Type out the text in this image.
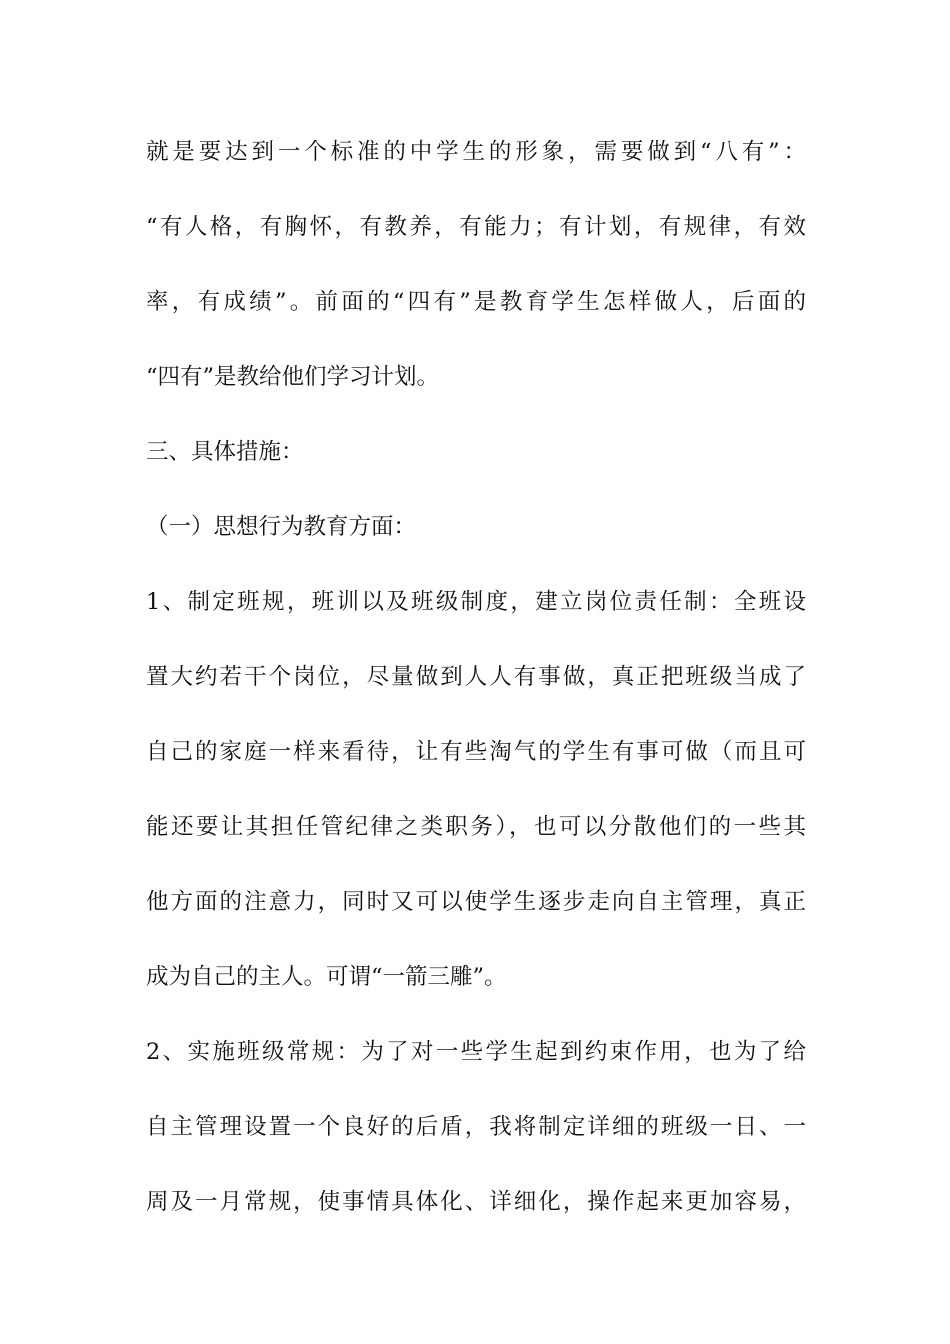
就是要达到一个标准的中学生的形象，需要做到“八有”：
“有人格，有胸怀，有教养，有能力；有计划，有规律，有效
率，有成绩”。前面的“四有”是教育学生怎样做人，后面的
“四有”是教给他们学习计划。
三、具体措施：
（一）思想行为教育方面：
1、制定班规，班训以及班级制度，建立岗位责任制：全班设
置大约若干个岗位，尽量做到人人有事做，真正把班级当成了
自己的家庭一样来看待，让有些淘气的学生有事可做（而且可
能还要让其担任管纪律之类职务），也可以分散他们的一些其
他方面的注意力，同时又可以使学生逐步走向自主管理，真正
成为自己的主人。可谓“一箭三雕”。
2、实施班级常规：为了对一些学生起到约束作用，也为了给
自主管理设置一个良好的后盾，我将制定详细的班级一日、一
周及一月常规，使事情具体化、详细化，操作起来更加容易，
